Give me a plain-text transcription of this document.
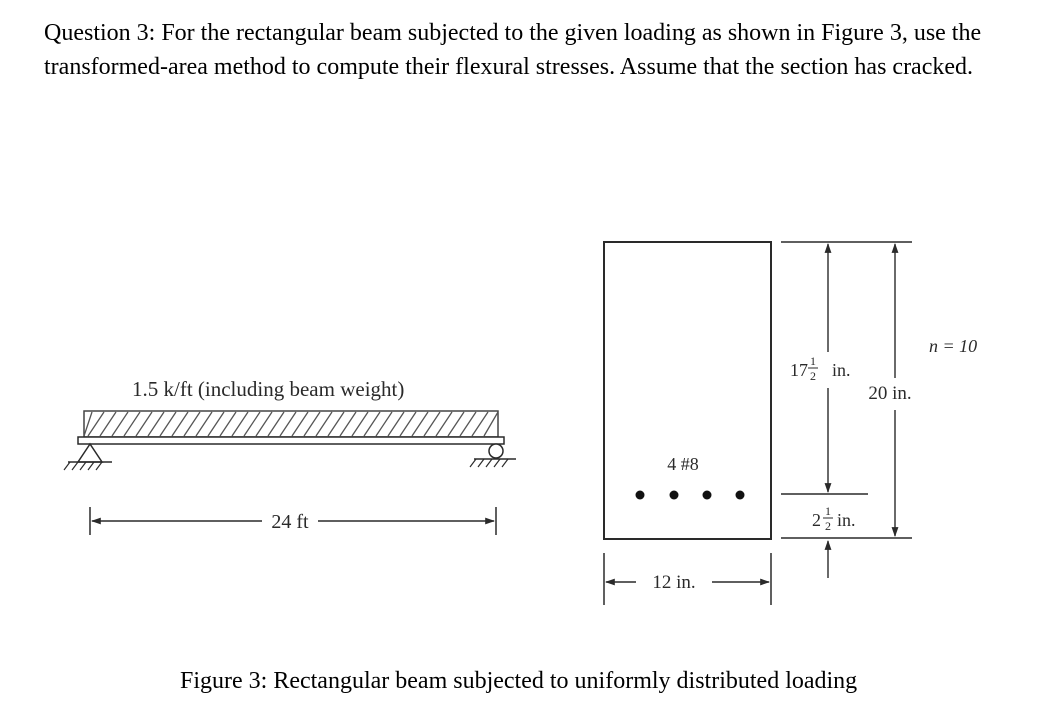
Question 3: For the rectangular beam subjected to the given loading as shown in Figure 3, use the
transformed-area method to compute their flexural stresses. Assume that the section has cracked.
1.5 k/ft (including beam weight)
24 ft
4 #8
12 in.
17 1
2 in.
20 in.
2 1
2 in.
n = 10
Figure 3: Rectangular beam subjected to uniformly distributed loading
